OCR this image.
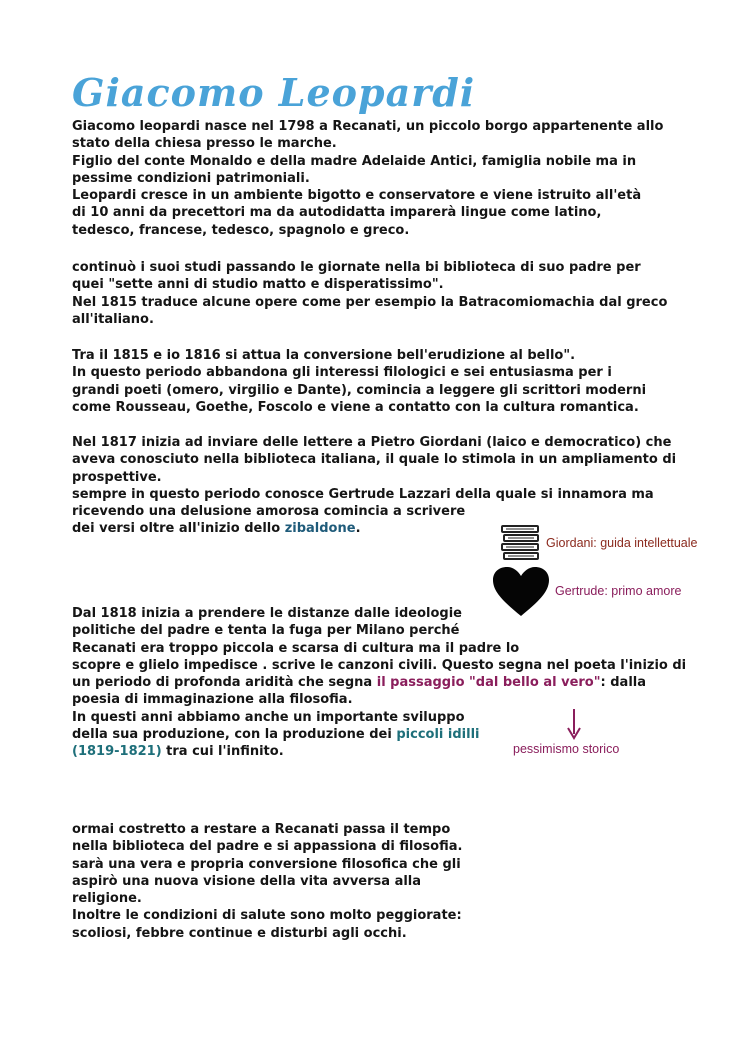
Giacomo Leopardi

Giacomo leopardi nasce nel 1798 a Recanati, un piccolo borgo appartenente allo

stato della chiesa presso le marche.

Figlio del conte Monaldo e della madre Adelaide Antici, famiglia nobile ma in

pessime condizioni patrimoniali.

Leopardi cresce in un ambiente bigotto e conservatore e viene istruito all'età

di 10 anni da precettori ma da autodidatta imparerà lingue come latino,

tedesco, francese, tedesco, spagnolo e greco.

continuò i suoi studi passando le giornate nella bi biblioteca di suo padre per

quei "sette anni di studio matto e disperatissimo".

Nel 1815 traduce alcune opere come per esempio la Batracomiomachia dal greco

all'italiano.

Tra il 1815 e io 1816 si attua la conversione bell'erudizione al bello".

In questo periodo abbandona gli interessi filologici e sei entusiasma per i

grandi poeti (omero, virgilio e Dante), comincia a leggere gli scrittori moderni

come Rousseau, Goethe, Foscolo e viene a contatto con la cultura romantica.

Nel 1817 inizia ad inviare delle lettere a Pietro Giordani (laico e democratico) che

aveva conosciuto nella biblioteca italiana, il quale lo stimola in un ampliamento di

prospettive.

sempre in questo periodo conosce Gertrude Lazzari della quale si innamora ma

ricevendo una delusione amorosa comincia a scrivere

dei versi oltre all'inizio dello zibaldone.

Giordani: guida intellettuale
Gertrude: primo amore

Dal 1818 inizia a prendere le distanze dalle ideologie

politiche del padre e tenta la fuga per Milano perché

Recanati era troppo piccola e scarsa di cultura ma il padre lo

scopre e glielo impedisce . scrive le canzoni civili. Questo segna nel poeta l'inizio di

un periodo di profonda aridità che segna il passaggio "dal bello al vero": dalla

poesia di immaginazione alla filosofia.

In questi anni abbiamo anche un importante sviluppo

della sua produzione, con la produzione dei piccoli idilli

(1819-1821) tra cui l'infinito.	pessimismo storico

ormai costretto a restare a Recanati passa il tempo

nella biblioteca del padre e si appassiona di filosofia.

sarà una vera e propria conversione filosofica che gli

aspirò una nuova visione della vita avversa alla

religione.

Inoltre le condizioni di salute sono molto peggiorate:

scoliosi, febbre continue e disturbi agli occhi.
